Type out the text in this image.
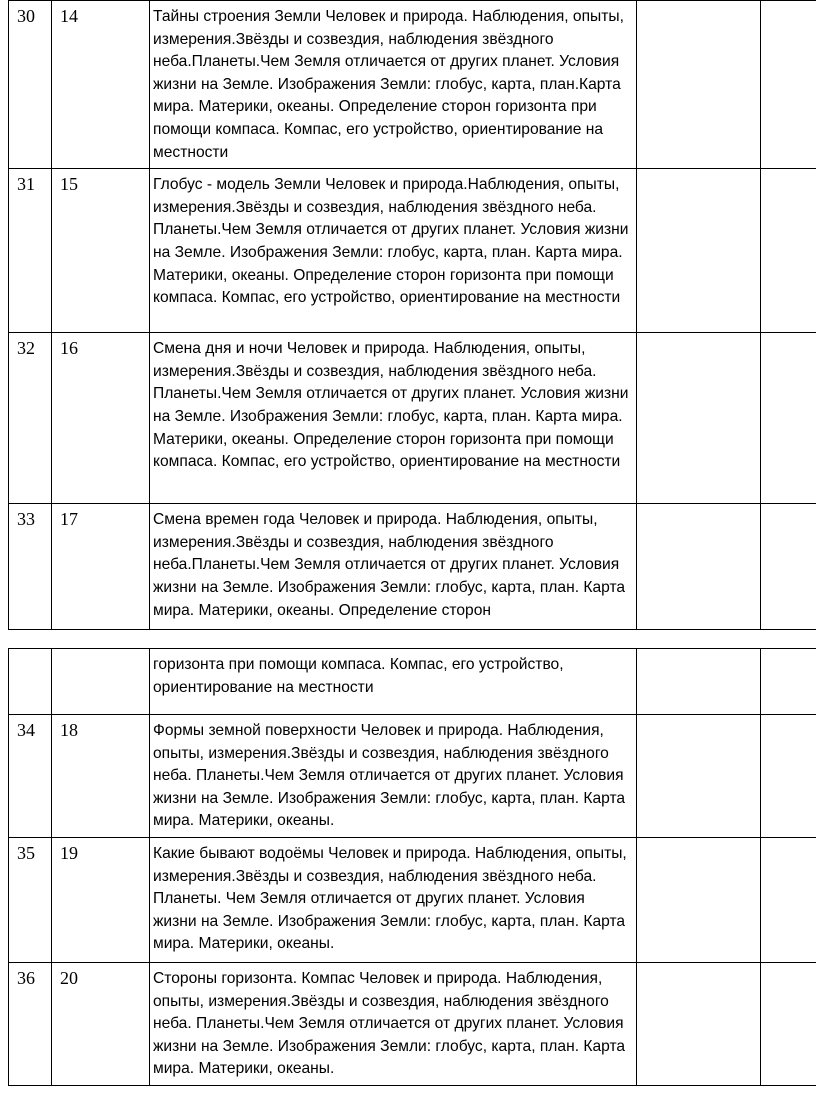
30	14	Тайны строения Земли Человек и природа. Наблюдения, опыты, измерения.Звёзды и созвездия, наблюдения звёздного неба.Планеты.Чем Земля отличается от других планет. Условия жизни на Земле. Изображения Земли: глобус, карта, план.Карта мира. Материки, океаны. Определение сторон горизонта при помощи компаса. Компас, его устройство, ориентирование на местности		
31	15	Глобус - модель Земли Человек и природа.Наблюдения, опыты, измерения.Звёзды и созвездия, наблюдения звёздного неба. Планеты.Чем Земля отличается от других планет. Условия жизни на Земле. Изображения Земли: глобус, карта, план. Карта мира. Материки, океаны. Определение сторон горизонта при помощи компаса. Компас, его устройство, ориентирование на местности		
32	16	Смена дня и ночи Человек и природа. Наблюдения, опыты, измерения.Звёзды и созвездия, наблюдения звёздного неба. Планеты.Чем Земля отличается от других планет. Условия жизни на Земле. Изображения Земли: глобус, карта, план. Карта мира. Материки, океаны. Определение сторон горизонта при помощи компаса. Компас, его устройство, ориентирование на местности		
33	17	Смена времен года Человек и природа. Наблюдения, опыты, измерения.Звёзды и созвездия, наблюдения звёздного неба.Планеты.Чем Земля отличается от других планет. Условия жизни на Земле. Изображения Земли: глобус, карта, план. Карта мира. Материки, океаны. Определение сторон		
		горизонта при помощи компаса. Компас, его устройство, ориентирование на местности		
34	18	Формы земной поверхности Человек и природа. Наблюдения, опыты, измерения.Звёзды и созвездия, наблюдения звёздного неба. Планеты.Чем Земля отличается от других планет. Условия жизни на Земле. Изображения Земли: глобус, карта, план. Карта мира. Материки, океаны.		
35	19	Какие бывают водоёмы Человек и природа. Наблюдения, опыты, измерения.Звёзды и созвездия, наблюдения звёздного неба. Планеты. Чем Земля отличается от других планет. Условия жизни на Земле. Изображения Земли: глобус, карта, план. Карта мира. Материки, океаны.		
36	20	Стороны горизонта. Компас Человек и природа. Наблюдения, опыты, измерения.Звёзды и созвездия, наблюдения звёздного неба. Планеты.Чем Земля отличается от других планет. Условия жизни на Земле. Изображения Земли: глобус, карта, план. Карта мира. Материки, океаны.		
